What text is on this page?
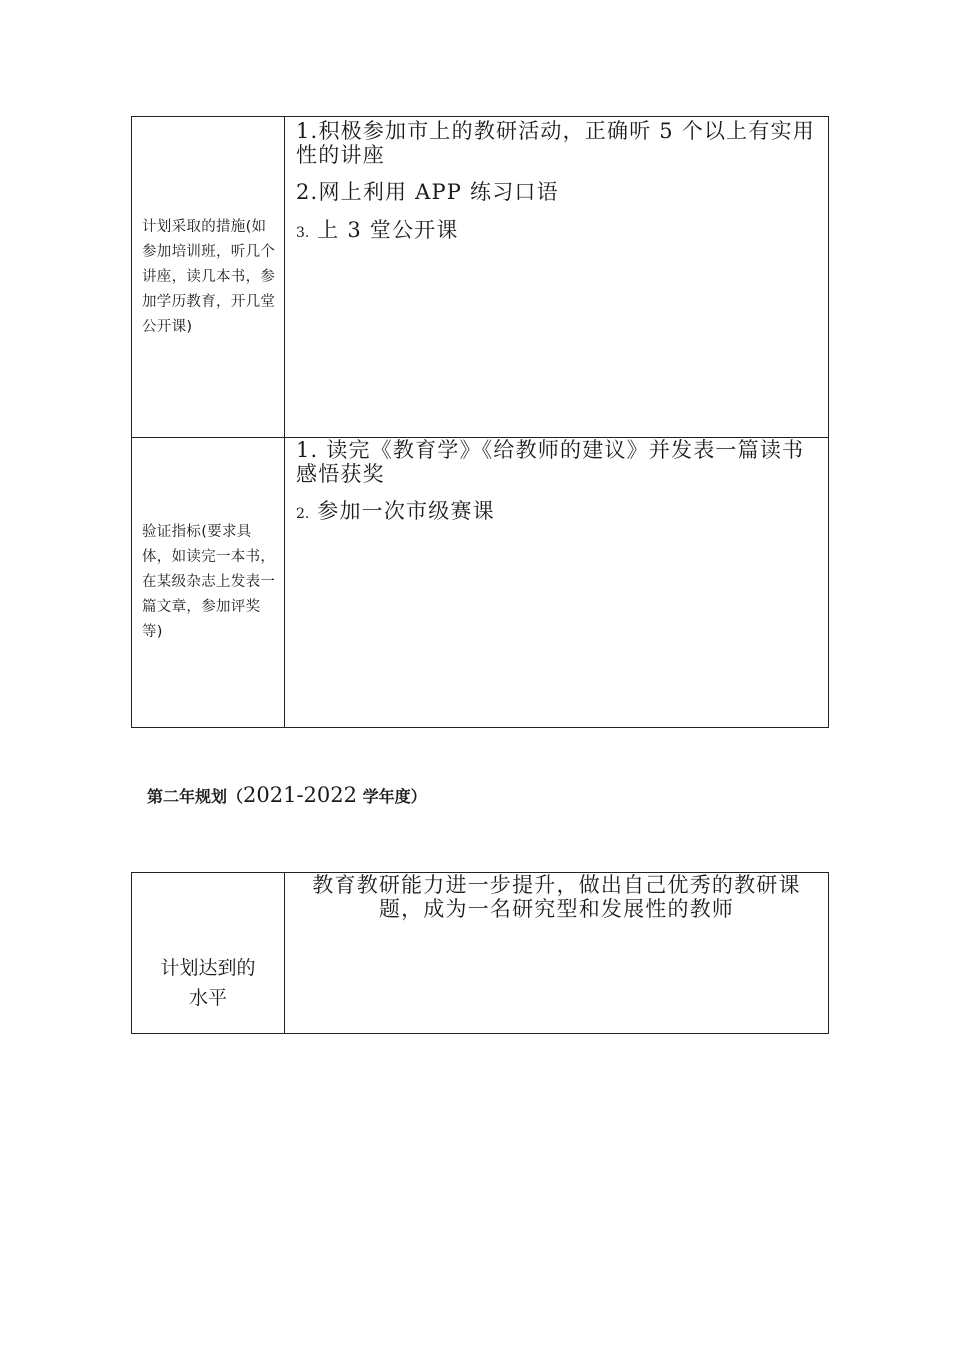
计划采取的措施(如参加培训班，听几个讲座，读几本书，参加学历教育，开几堂公开课)
1.积极参加市上的教研活动，正确听 5 个以上有实用性的讲座
2.网上利用 APP 练习口语
3. 上 3 堂公开课
验证指标(要求具体，如读完一本书，在某级杂志上发表一篇文章，参加评奖等)
1. 读完《教育学》《给教师的建议》并发表一篇读书感悟获奖
2. 参加一次市级赛课
第二年规划（2021-2022 学年度）
计划达到的水平
教育教研能力进一步提升，做出自己优秀的教研课题，成为一名研究型和发展性的教师
